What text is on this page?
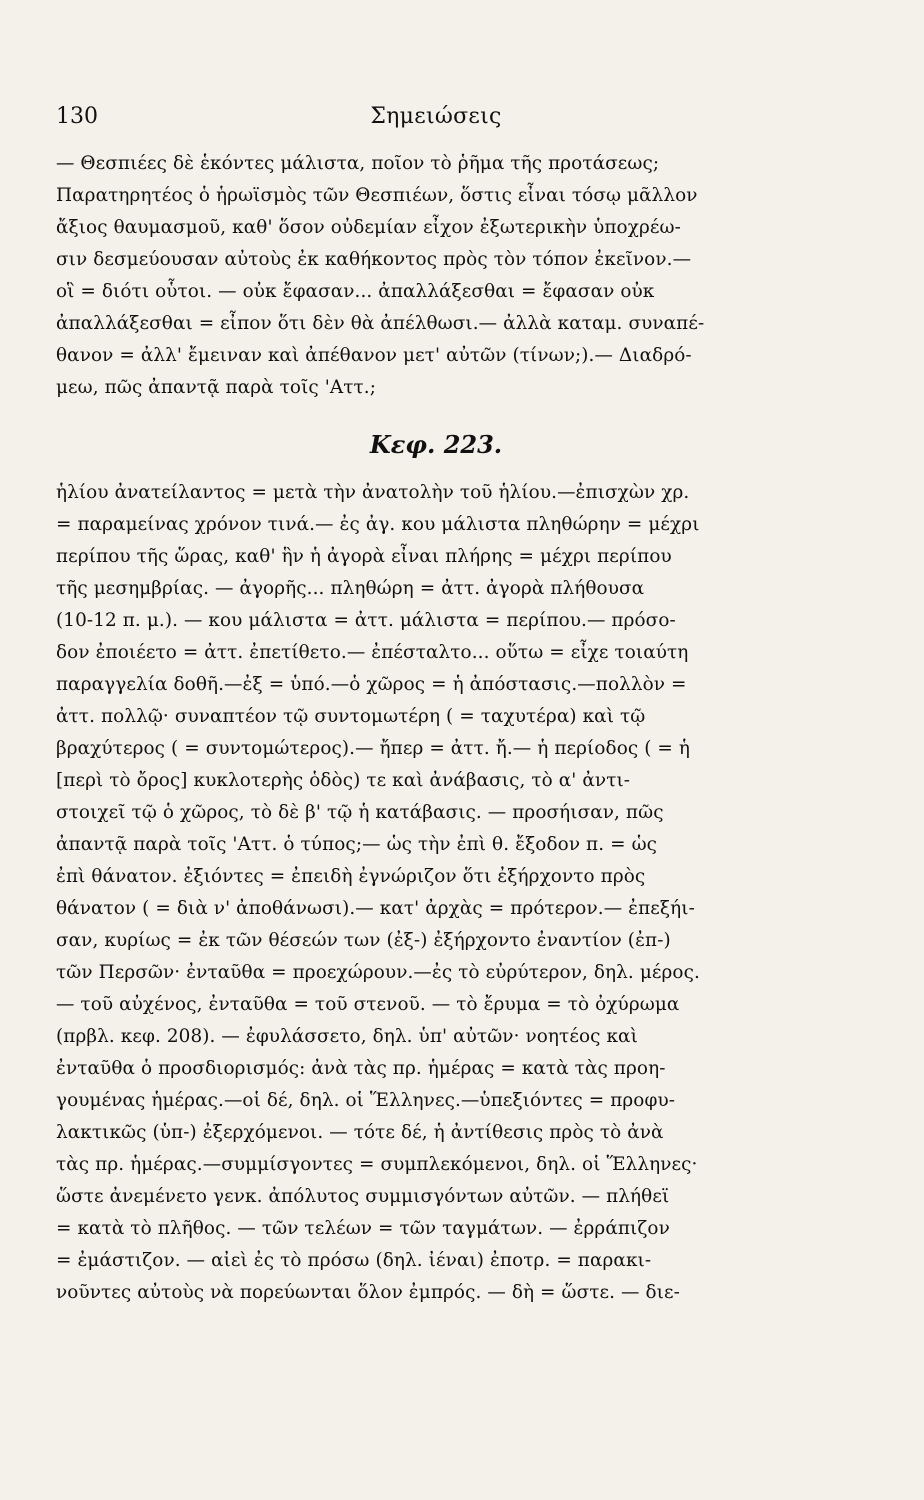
130	Σημειώσεις

— Θεσπιέες δὲ ἑκόντες μάλιστα, ποῖον τὸ ῥῆμα τῆς προτάσεως;

Παρατηρητέος ὁ ἡρωϊσμὸς τῶν Θεσπιέων, ὅστις εἶναι τόσῳ μᾶλλον

ἄξιος θαυμασμοῦ, καθ' ὅσον οὐδεμίαν εἶχον ἐξωτερικὴν ὑποχρέω-

σιν δεσμεύουσαν αὐτοὺς ἐκ καθήκοντος πρὸς τὸν τόπον ἐκεῖνον.—

οἳ = διότι οὗτοι. — οὐκ ἔφασαν... ἀπαλλάξεσθαι = ἔφασαν οὐκ

ἀπαλλάξεσθαι = εἶπον ὅτι δὲν θὰ ἀπέλθωσι.— ἀλλὰ καταμ. συναπέ-

θανον = ἀλλ' ἔμειναν καὶ ἀπέθανον μετ' αὐτῶν (τίνων;).— Διαδρό-

μεω, πῶς ἀπαντᾷ παρὰ τοῖς 'Αττ.;

Κεφ. 223.

ἡλίου ἀνατείλαντος = μετὰ τὴν ἀνατολὴν τοῦ ἡλίου.—ἐπισχὼν χρ.

= παραμείνας χρόνον τινά.— ἐς ἀγ. κου μάλιστα πληθώρην = μέχρι

περίπου τῆς ὥρας, καθ' ἣν ἡ ἀγορὰ εἶναι πλήρης = μέχρι περίπου

τῆς μεσημβρίας. — ἀγορῆς... πληθώρη = ἀττ. ἀγορὰ πλήθουσα

(10-12 π. μ.). — κου μάλιστα = ἀττ. μάλιστα = περίπου.— πρόσο-

δον ἐποιέετο = ἀττ. ἐπετίθετο.— ἐπέσταλτο... οὕτω = εἶχε τοιαύτη

παραγγελία δοθῆ.—ἐξ = ὑπό.—ὁ χῶρος = ἡ ἀπόστασις.—πολλὸν =

ἀττ. πολλῷ· συναπτέον τῷ συντομωτέρη ( = ταχυτέρα) καὶ τῷ

βραχύτερος ( = συντομώτερος).— ἤπερ = ἀττ. ἤ.— ἡ περίοδος ( = ἡ

[περὶ τὸ ὄρος] κυκλοτερὴς ὁδὸς) τε καὶ ἀνάβασις, τὸ α' ἀντι-

στοιχεῖ τῷ ὁ χῶρος, τὸ δὲ β' τῷ ἡ κατάβασις. — προσήισαν, πῶς

ἀπαντᾷ παρὰ τοῖς 'Αττ. ὁ τύπος;— ὡς τὴν ἐπὶ θ. ἔξοδον π. = ὡς

ἐπὶ θάνατον. ἐξιόντες = ἐπειδὴ ἐγνώριζον ὅτι ἐξήρχοντο πρὸς

θάνατον ( = διὰ ν' ἀποθάνωσι).— κατ' ἀρχὰς = πρότερον.— ἐπεξήι-

σαν, κυρίως = ἐκ τῶν θέσεών των (ἐξ-) ἐξήρχοντο ἐναντίον (ἐπ-)

τῶν Περσῶν· ἐνταῦθα = προεχώρουν.—ἐς τὸ εὐρύτερον, δηλ. μέρος.

— τοῦ αὐχένος, ἐνταῦθα = τοῦ στενοῦ. — τὸ ἔρυμα = τὸ ὀχύρωμα

(πρβλ. κεφ. 208). — ἐφυλάσσετο, δηλ. ὑπ' αὐτῶν· νοητέος καὶ

ἐνταῦθα ὁ προσδιορισμός: ἀνὰ τὰς πρ. ἡμέρας = κατὰ τὰς προη-

γουμένας ἡμέρας.—οἱ δέ, δηλ. οἱ Ἕλληνες.—ὑπεξιόντες = προφυ-

λακτικῶς (ὑπ-) ἐξερχόμενοι. — τότε δέ, ἡ ἀντίθεσις πρὸς τὸ ἀνὰ

τὰς πρ. ἡμέρας.—συμμίσγοντες = συμπλεκόμενοι, δηλ. οἱ Ἕλληνες·

ὥστε ἀνεμένετο γενκ. ἀπόλυτος συμμισγόντων αὐτῶν. — πλήθεϊ

= κατὰ τὸ πλῆθος. — τῶν τελέων = τῶν ταγμάτων. — ἐρράπιζον

= ἐμάστιζον. — αἰεὶ ἐς τὸ πρόσω (δηλ. ἰέναι) ἐποτρ. = παρακι-

νοῦντες αὐτοὺς νὰ πορεύωνται ὅλον ἐμπρός. — δὴ = ὥστε. — διε-
